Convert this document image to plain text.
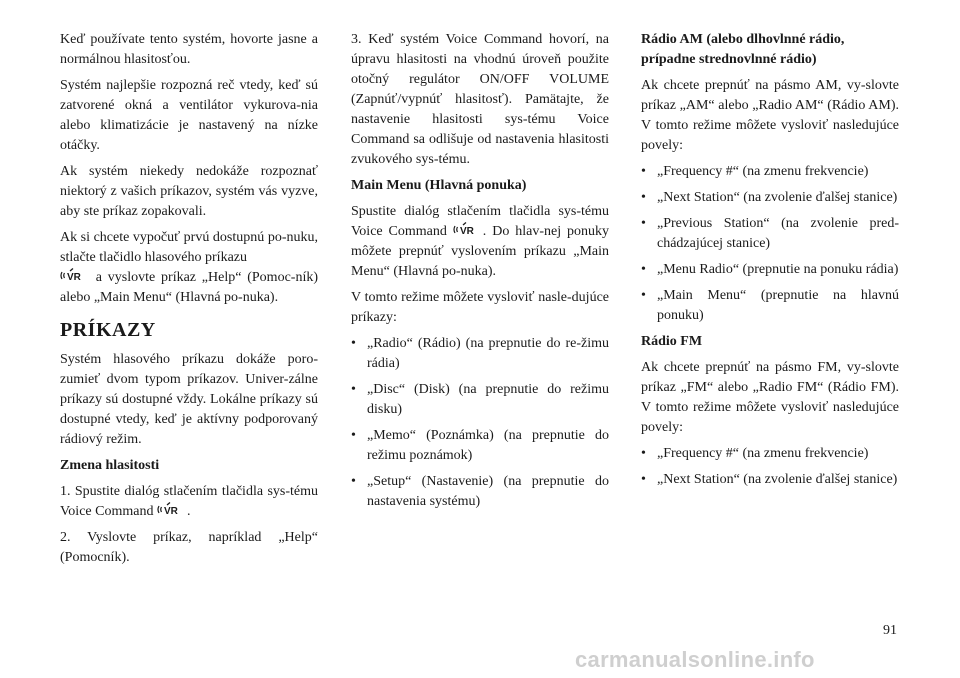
Keď používate tento systém, hovorte jasne a normálnou hlasitosťou.

Systém najlepšie rozpozná reč vtedy, keď sú zatvorené okná a ventilátor vykurova-nia alebo klimatizácie je nastavený na nízke otáčky.

Ak systém niekedy nedokáže rozpoznať niektorý z vašich príkazov, systém vás vyzve, aby ste príkaz zopakovali.

Ak si chcete vypočuť prvú dostupnú po-nuku, stlačte tlačidlo hlasového príkazu

VR a vyslovte príkaz „Help“ (Pomoc-ník) alebo „Main Menu“ (Hlavná po-nuka).

PRÍKAZY

Systém hlasového príkazu dokáže poro-zumieť dvom typom príkazov. Univer-zálne príkazy sú dostupné vždy. Lokálne príkazy sú dostupné vtedy, keď je aktívny podporovaný rádiový režim.

Zmena hlasitosti

1. Spustite dialóg stlačením tlačidla sys-tému Voice Command VR .

2. Vyslovte príkaz, napríklad „Help“ (Pomocník).

3. Keď systém Voice Command hovorí, na úpravu hlasitosti na vhodnú úroveň použite otočný regulátor ON/OFF VOLUME (Zapnúť/vypnúť hlasitosť). Pamätajte, že nastavenie hlasitosti sys-tému Voice Command sa odlišuje od nastavenia hlasitosti zvukového sys-tému.

Main Menu (Hlavná ponuka)

Spustite dialóg stlačením tlačidla sys-tému Voice Command VR . Do hlav-nej ponuky môžete prepnúť vyslovením príkazu „Main Menu“ (Hlavná po-nuka).

V tomto režime môžete vysloviť nasle-dujúce príkazy:

• „Radio“ (Rádio) (na prepnutie do re-žimu rádia)
• „Disc“ (Disk) (na prepnutie do režimu disku)
• „Memo“ (Poznámka) (na prepnutie do režimu poznámok)
• „Setup“ (Nastavenie) (na prepnutie do nastavenia systému)
Rádio AM (alebo dlhovlnné rádio, prípadne strednovlnné rádio)

Ak chcete prepnúť na pásmo AM, vy-slovte príkaz „AM“ alebo „Radio AM“ (Rádio AM). V tomto režime môžete vysloviť nasledujúce povely:

• „Frequency #“ (na zmenu frekvencie)
• „Next Station“ (na zvolenie ďalšej stanice)
• „Previous Station“ (na zvolenie pred-chádzajúcej stanice)
• „Menu Radio“ (prepnutie na ponuku rádia)
• „Main Menu“ (prepnutie na hlavnú ponuku)
Rádio FM

Ak chcete prepnúť na pásmo FM, vy-slovte príkaz „FM“ alebo „Radio FM“ (Rádio FM). V tomto režime môžete vysloviť nasledujúce povely:

• „Frequency #“ (na zmenu frekvencie)
• „Next Station“ (na zvolenie ďalšej stanice)
91
carmanualsonline.info
